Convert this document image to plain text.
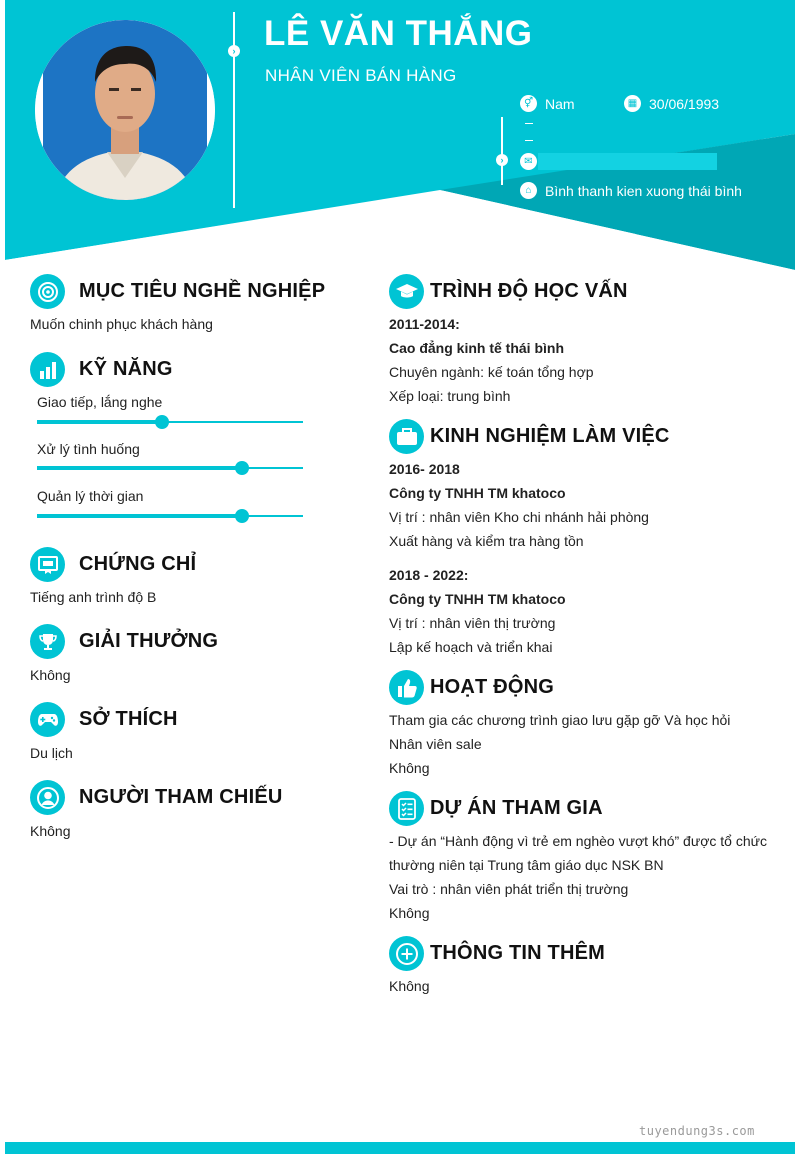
› LÊ VĂN THẮNG
NHÂN VIÊN BÁN HÀNG
⚥ Nam	▦ 30/06/1993
›	✉
⌂ Bình thanh kien xuong thái bình
MỤC TIÊU NGHỀ NGHIỆP
Muốn chinh phục khách hàng
KỸ NĂNG
Giao tiếp, lắng nghe
Xử lý tình huống
Quản lý thời gian
CHỨNG CHỈ
Tiếng anh trình độ B
GIẢI THƯỞNG
Không
SỞ THÍCH
Du lịch
NGƯỜI THAM CHIẾU
Không
TRÌNH ĐỘ HỌC VẤN
2011-2014:
Cao đẳng kinh tế thái bình
Chuyên ngành: kế toán tổng hợp
Xếp loại: trung bình
KINH NGHIỆM LÀM VIỆC
2016- 2018
Công ty TNHH TM khatoco
Vị trí : nhân viên Kho chi nhánh hải phòng
Xuất hàng và kiểm tra hàng tồn
2018 - 2022:
Công ty TNHH TM khatoco
Vị trí : nhân viên thị trường
Lập kế hoạch và triển khai
HOẠT ĐỘNG
Tham gia các chương trình giao lưu gặp gỡ Và học hỏi
Nhân viên sale
Không
DỰ ÁN THAM GIA
- Dự án “Hành động vì trẻ em nghèo vượt khó” được tổ chức
thường niên tại Trung tâm giáo dục NSK BN
Vai trò : nhân viên phát triển thị trường
Không
THÔNG TIN THÊM
Không
tuyendung3s.com
